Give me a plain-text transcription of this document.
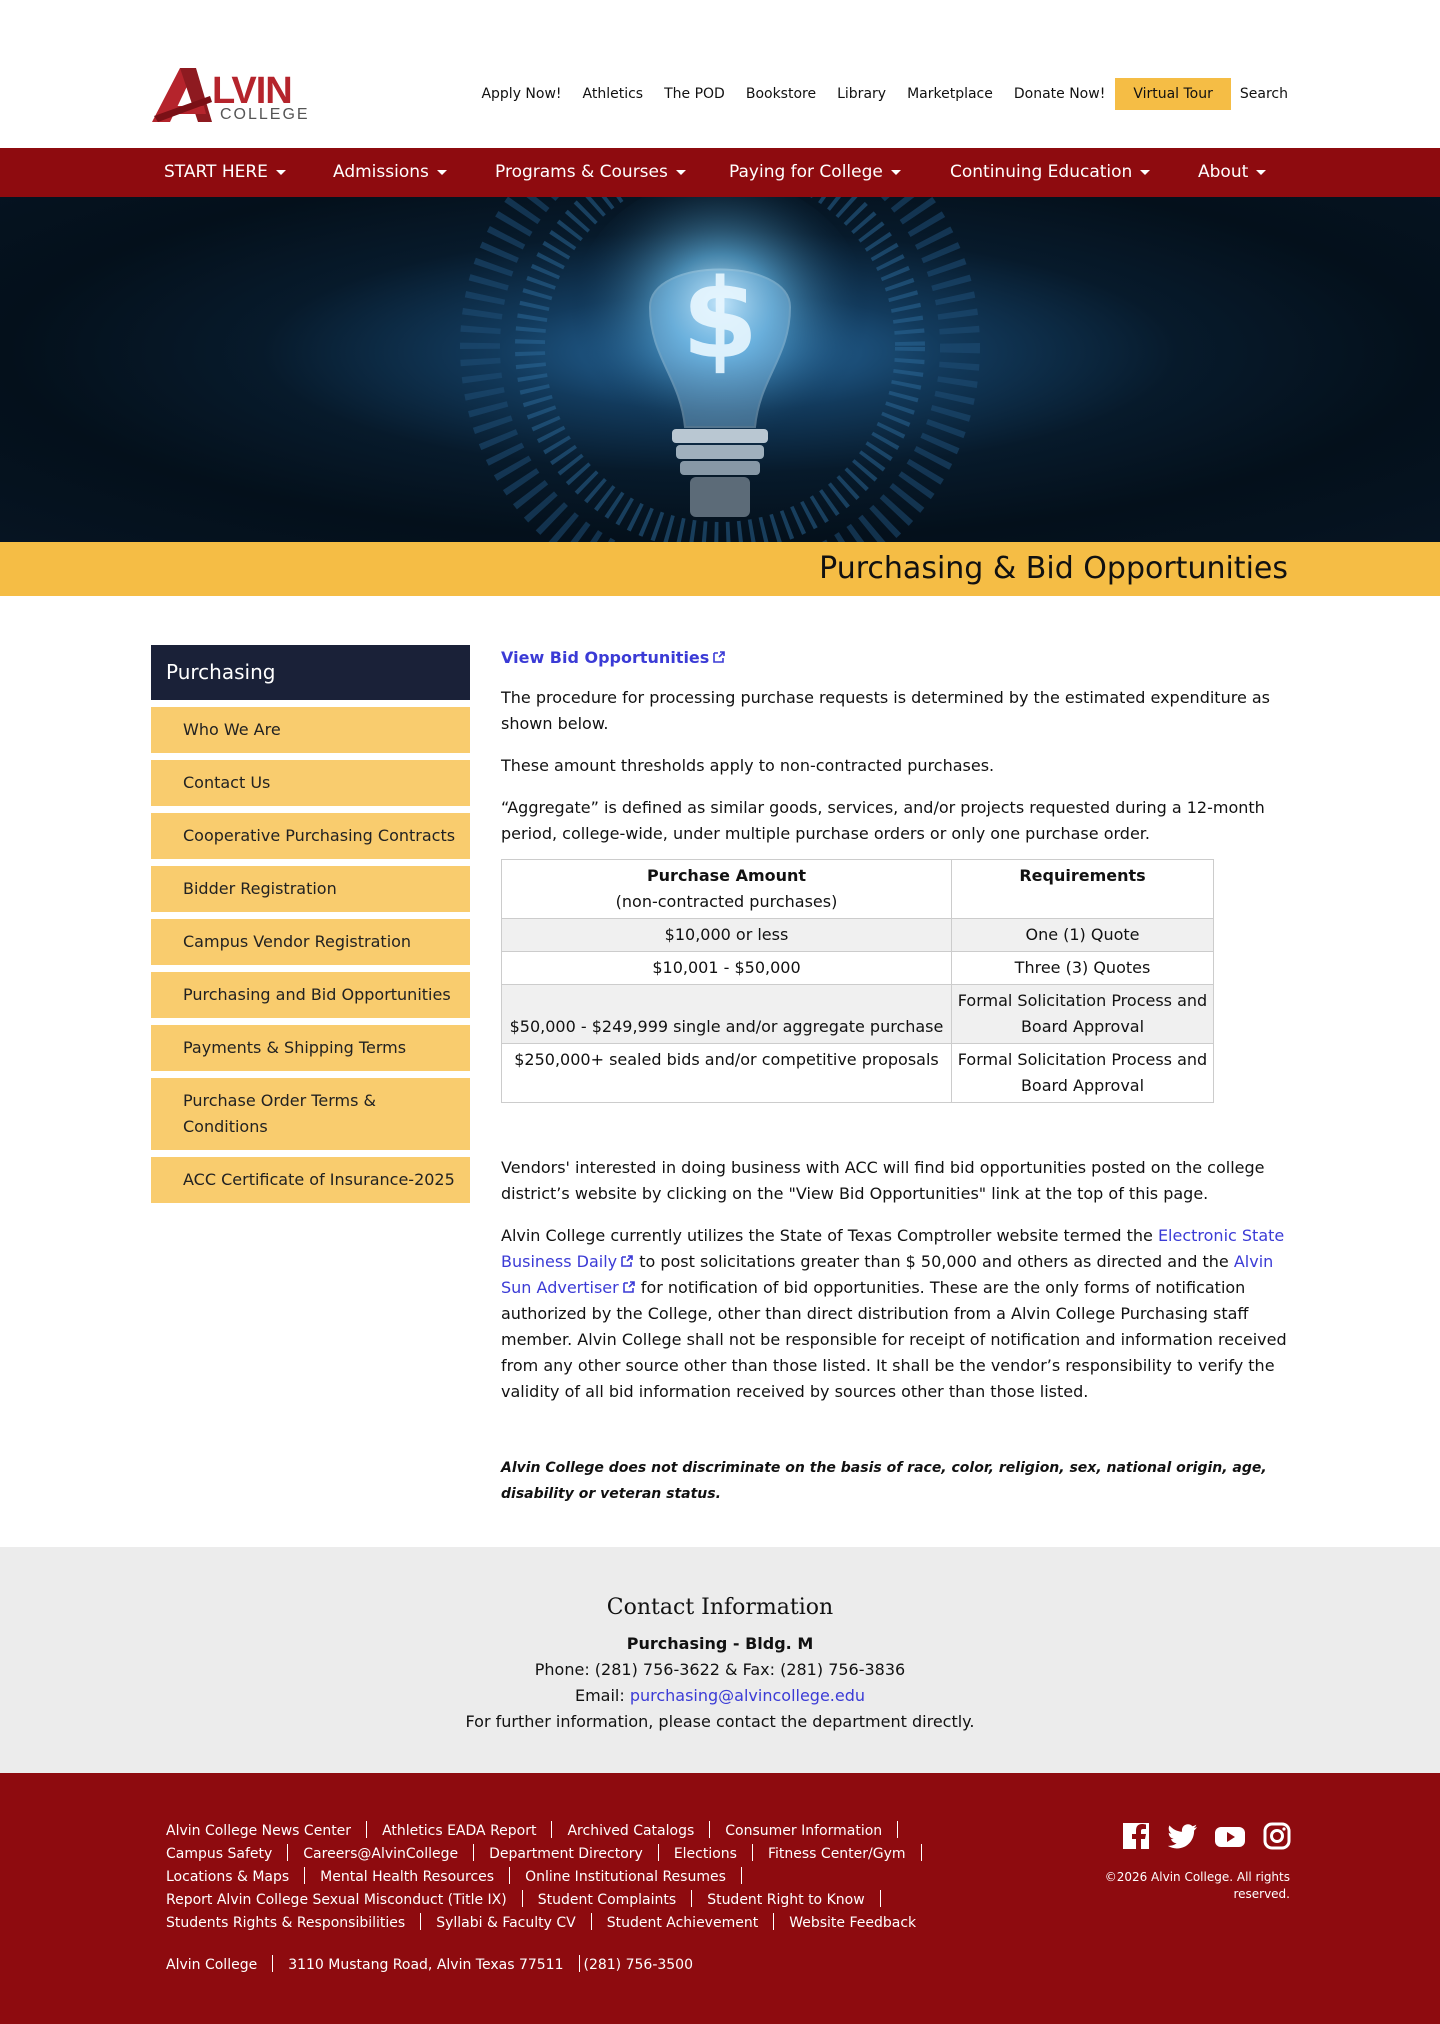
LVIN
COLLEGE
Apply Now! Athletics The POD Bookstore Library Marketplace Donate Now!	Virtual Tour	Search
START HERE	Admissions	Programs & Courses	Paying for College	Continuing Education	About
$
Purchasing & Bid Opportunities
Purchasing
Who We Are
Contact Us
Cooperative Purchasing Contracts
Bidder Registration
Campus Vendor Registration
Purchasing and Bid Opportunities
Payments & Shipping Terms
Purchase Order Terms & Conditions
ACC Certificate of Insurance-2025

View Bid Opportunities

The procedure for processing purchase requests is determined by the estimated expenditure as shown below.

These amount thresholds apply to non-contracted purchases.

“Aggregate” is defined as similar goods, services, and/or projects requested during a 12-month period, college-wide, under multiple purchase orders or only one purchase order.

Purchase Amount
(non-contracted purchases)	Requirements
$10,000 or less	One (1) Quote
$10,001 - $50,000	Three (3) Quotes
$50,000 - $249,999 single and/or aggregate purchase	Formal Solicitation Process and Board Approval
$250,000+ sealed bids and/or competitive proposals	Formal Solicitation Process and Board Approval

Vendors' interested in doing business with ACC will find bid opportunities posted on the college district’s website by clicking on the "View Bid Opportunities" link at the top of this page.

Alvin College currently utilizes the State of Texas Comptroller website termed the Electronic State Business Daily to post solicitations greater than $ 50,000 and others as directed and the Alvin Sun Advertiser for notification of bid opportunities. These are the only forms of notification authorized by the College, other than direct distribution from a Alvin College Purchasing staff member. Alvin College shall not be responsible for receipt of notification and information received from any other source other than those listed. It shall be the vendor’s responsibility to verify the validity of all bid information received by sources other than those listed.

Alvin College does not discriminate on the basis of race, color, religion, sex, national origin, age, disability or veteran status.

Contact Information
Purchasing - Bldg. M
Phone: (281) 756-3622 & Fax: (281) 756-3836
Email: purchasing@alvincollege.edu
For further information, please contact the department directly.
Alvin College News Center Athletics EADA Report Archived Catalogs Consumer Information
Campus Safety Careers@AlvinCollege Department Directory Elections Fitness Center/Gym
Locations & Maps Mental Health Resources Online Institutional Resumes
Report Alvin College Sexual Misconduct (Title IX) Student Complaints Student Right to Know
Students Rights & Responsibilities Syllabi & Faculty CV Student Achievement Website Feedback
Alvin College 3110 Mustang Road, Alvin Texas 77511 (281) 756-3500
©2026 Alvin College. All rights reserved.
